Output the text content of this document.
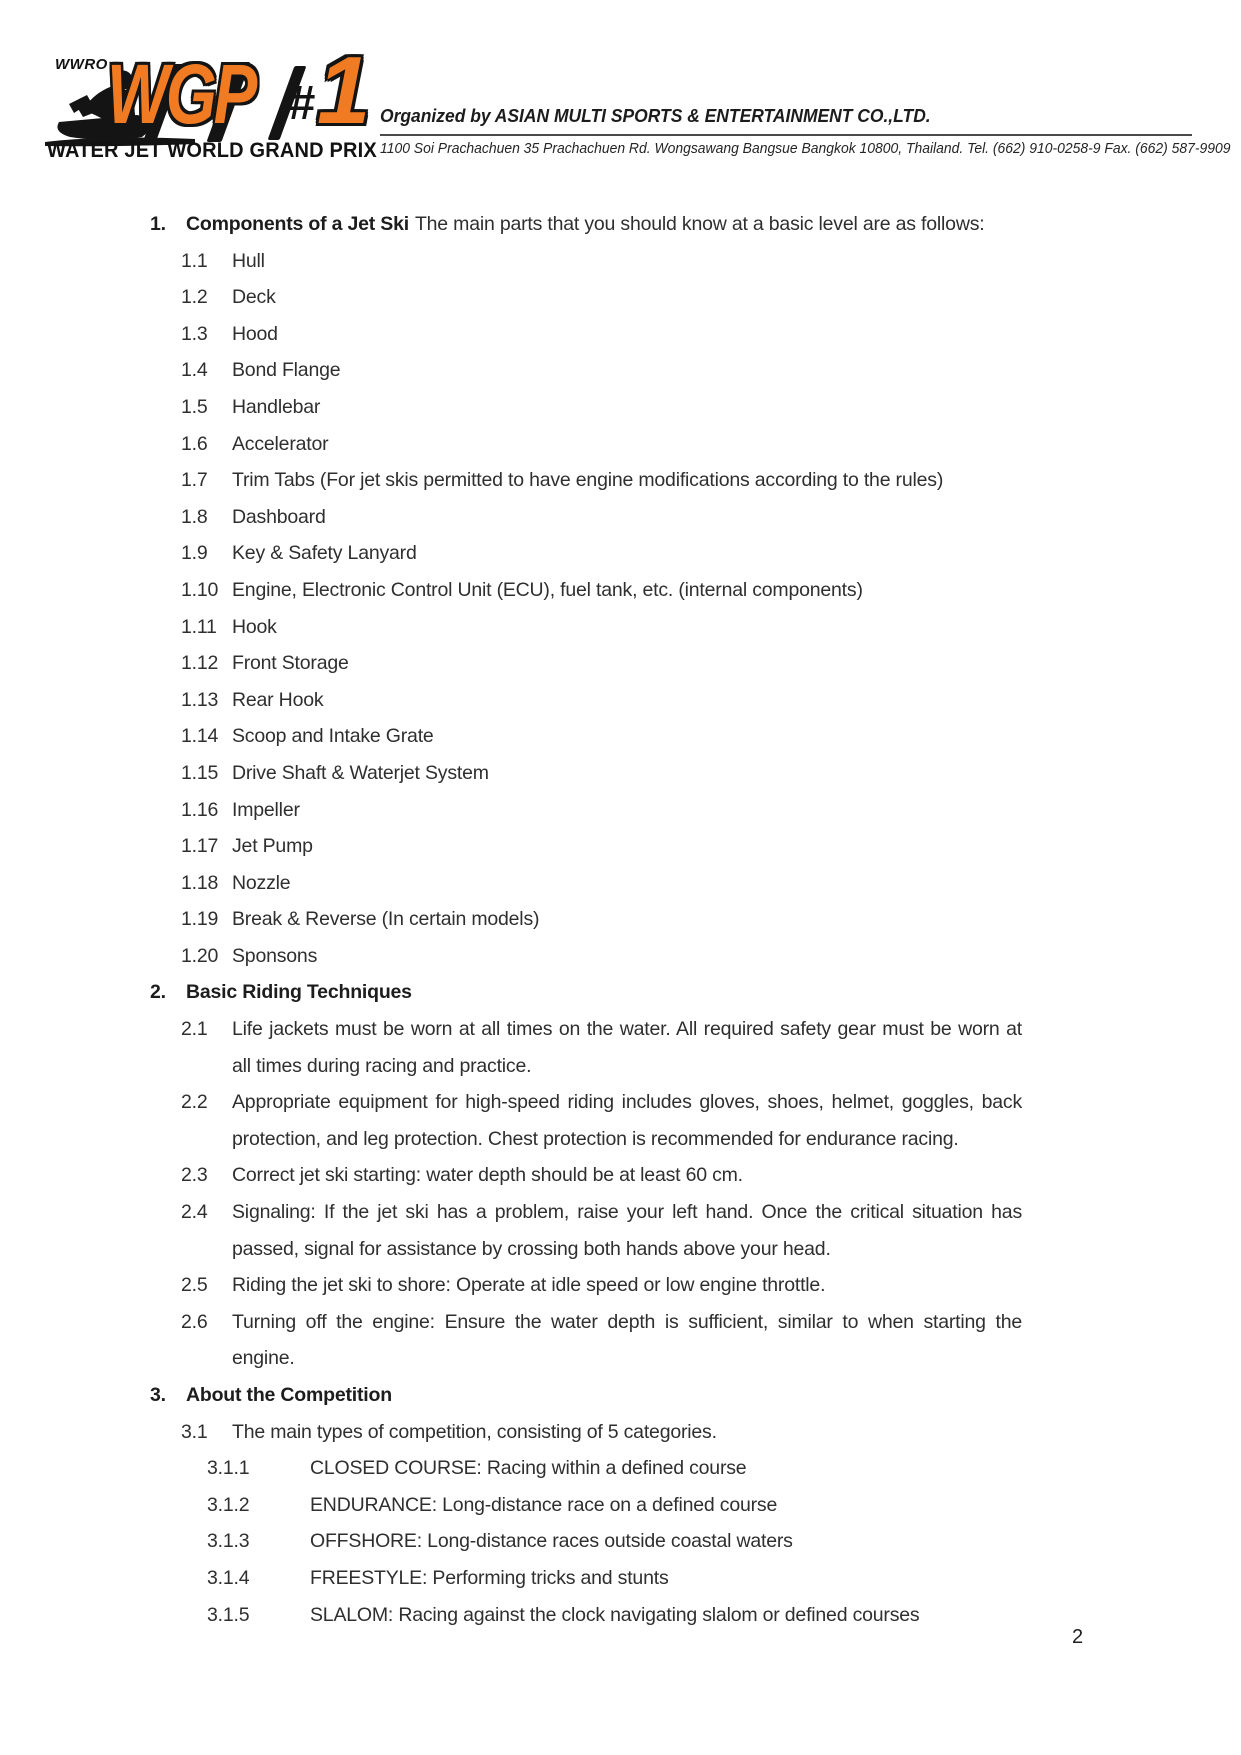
WWRO WGP # 1
WATER JET WORLD GRAND PRIX
Organized by ASIAN MULTI SPORTS & ENTERTAINMENT CO.,LTD.
1100 Soi Prachachuen 35 Prachachuen Rd. Wongsawang Bangsue Bangkok 10800, Thailand. Tel. (662) 910-0258-9 Fax. (662) 587-9909
1.	Components of a Jet Ski The main parts that you should know at a basic level are as follows:
1.1	Hull
1.2	Deck
1.3	Hood
1.4	Bond Flange
1.5	Handlebar
1.6	Accelerator
1.7	Trim Tabs (For jet skis permitted to have engine modifications according to the rules)
1.8	Dashboard
1.9	Key & Safety Lanyard
1.10 Engine, Electronic Control Unit (ECU), fuel tank, etc. (internal components)
1.11 Hook
1.12 Front Storage
1.13 Rear Hook
1.14 Scoop and Intake Grate
1.15 Drive Shaft & Waterjet System
1.16 Impeller
1.17 Jet Pump
1.18 Nozzle
1.19 Break & Reverse (In certain models)
1.20 Sponsons
2.	Basic Riding Techniques
2.1	Life jackets must be worn at all times on the water. All required safety gear must be worn at all times during racing and practice.
2.2	Appropriate equipment for high-speed riding includes gloves, shoes, helmet, goggles, back protection, and leg protection. Chest protection is recommended for endurance racing.
2.3	Correct jet ski starting: water depth should be at least 60 cm.
2.4	Signaling: If the jet ski has a problem, raise your left hand. Once the critical situation has passed, signal for assistance by crossing both hands above your head.
2.5	Riding the jet ski to shore: Operate at idle speed or low engine throttle.
2.6	Turning off the engine: Ensure the water depth is sufficient, similar to when starting the engine.
3.	About the Competition
3.1	The main types of competition, consisting of 5 categories.
3.1.1	CLOSED COURSE: Racing within a defined course
3.1.2	ENDURANCE: Long-distance race on a defined course
3.1.3	OFFSHORE: Long-distance races outside coastal waters
3.1.4	FREESTYLE: Performing tricks and stunts
3.1.5	SLALOM: Racing against the clock navigating slalom or defined courses
2
